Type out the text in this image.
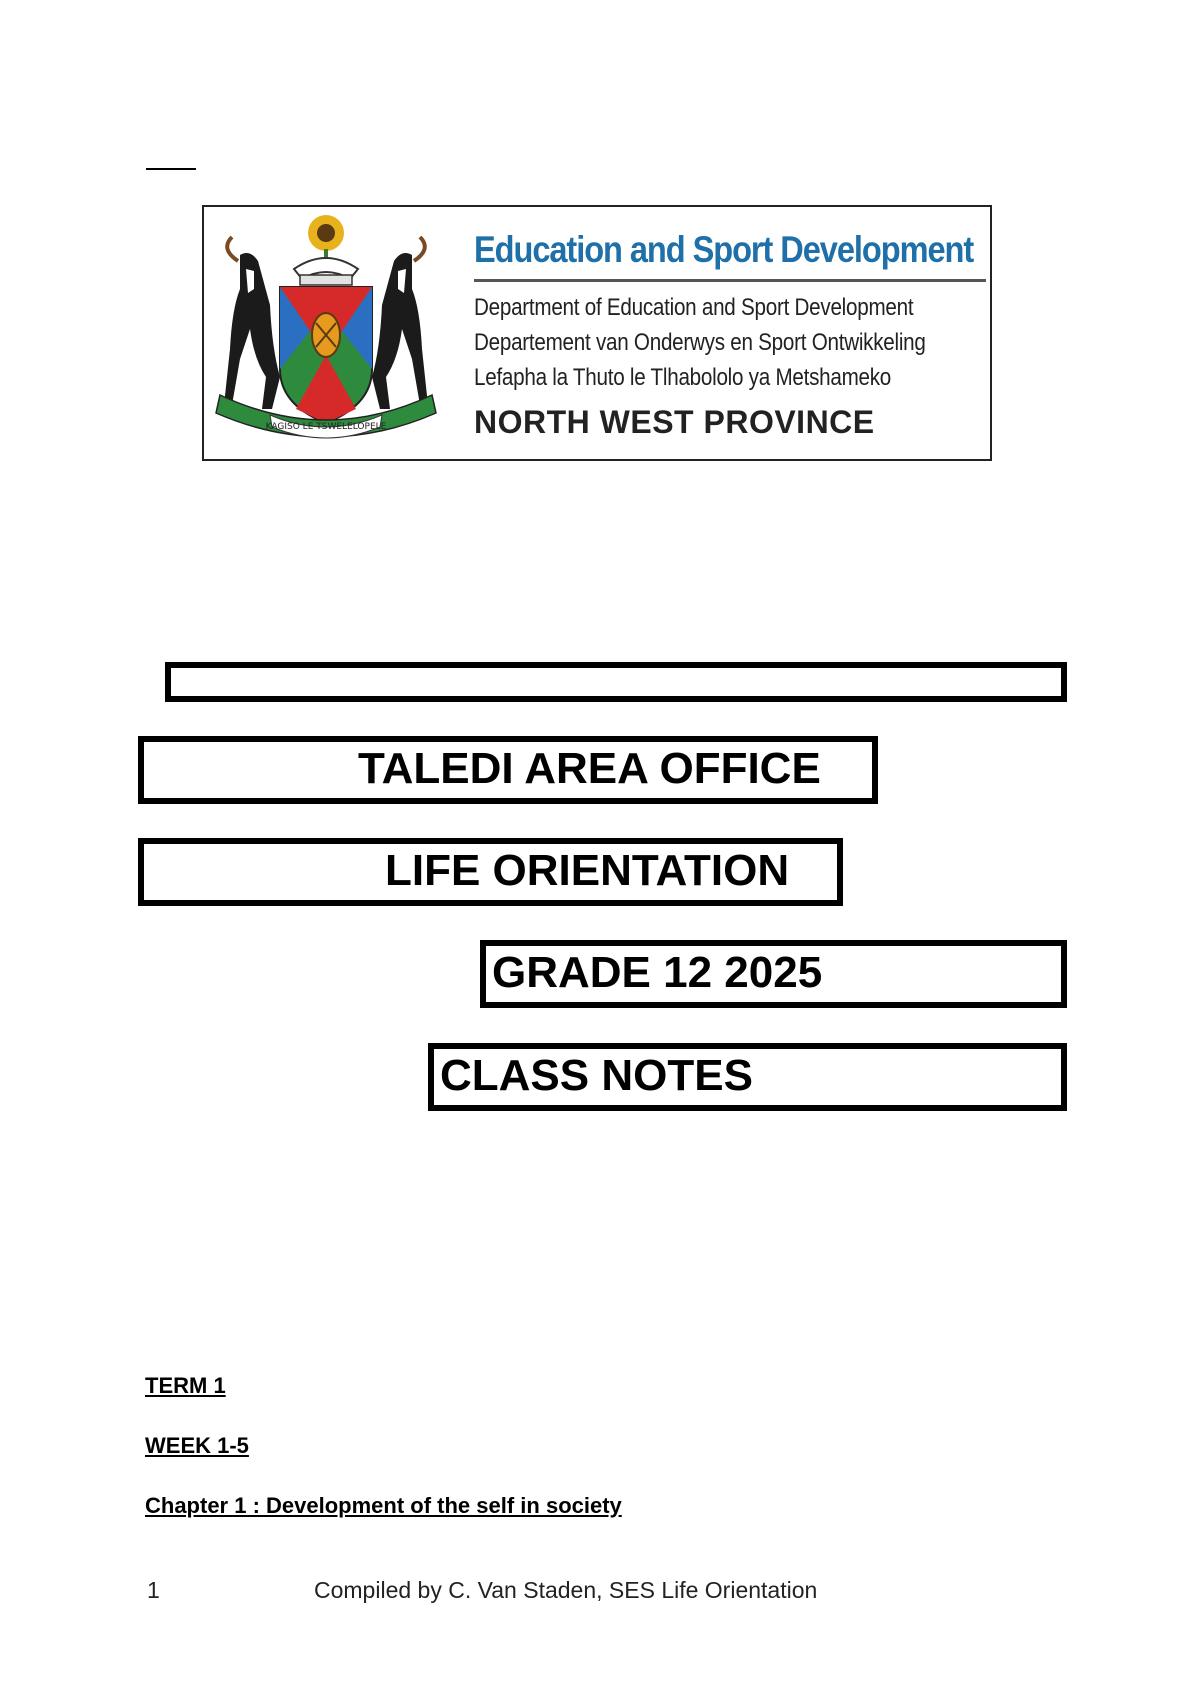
KAGISO LE TSWELELOPELE
Education and Sport Development
Department of Education and Sport Development
Departement van Onderwys en Sport Ontwikkeling
Lefapha la Thuto le Tlhabololo ya Metshameko
NORTH WEST PROVINCE
TALEDI AREA OFFICE
LIFE ORIENTATION
GRADE 12 2025
CLASS NOTES
TERM 1
WEEK 1-5
Chapter 1 : Development of the self in society
1	Compiled by C. Van Staden, SES Life Orientation
